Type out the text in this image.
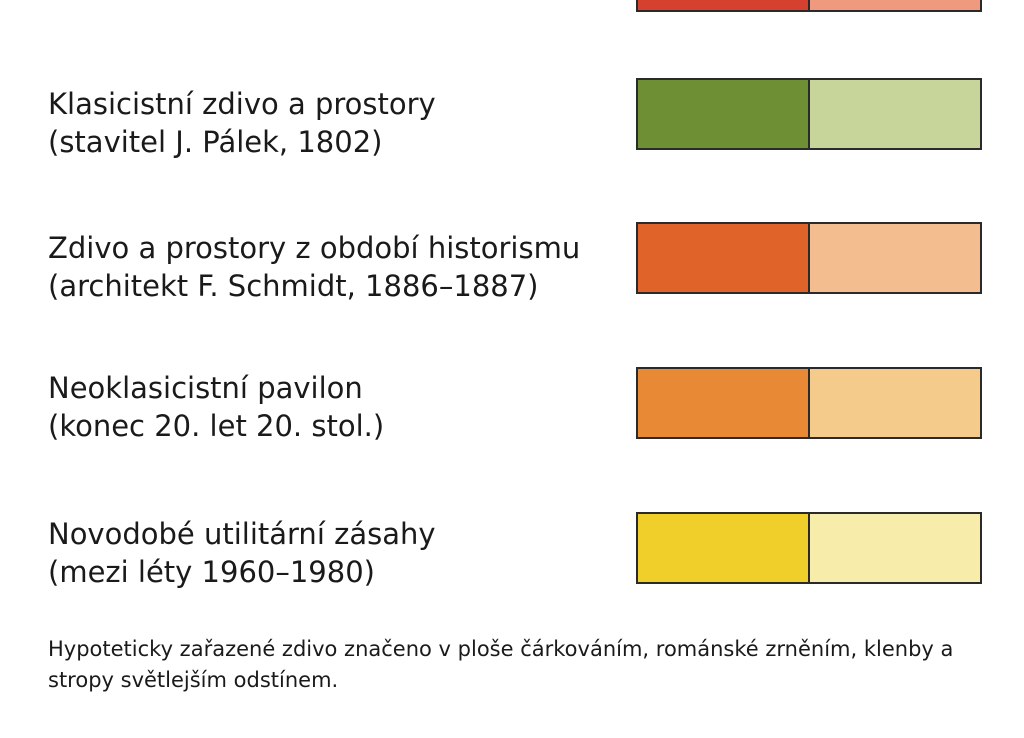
Klasicistní zdivo a prostory
(stavitel J. Pálek, 1802)
Zdivo a prostory z období historismu
(architekt F. Schmidt, 1886–1887)
Neoklasicistní pavilon
(konec 20. let 20. stol.)
Novodobé utilitární zásahy
(mezi léty 1960–1980)
Hypoteticky zařazené zdivo značeno v ploše čárkováním, románské zrněním, klenby a stropy světlejším odstínem.
